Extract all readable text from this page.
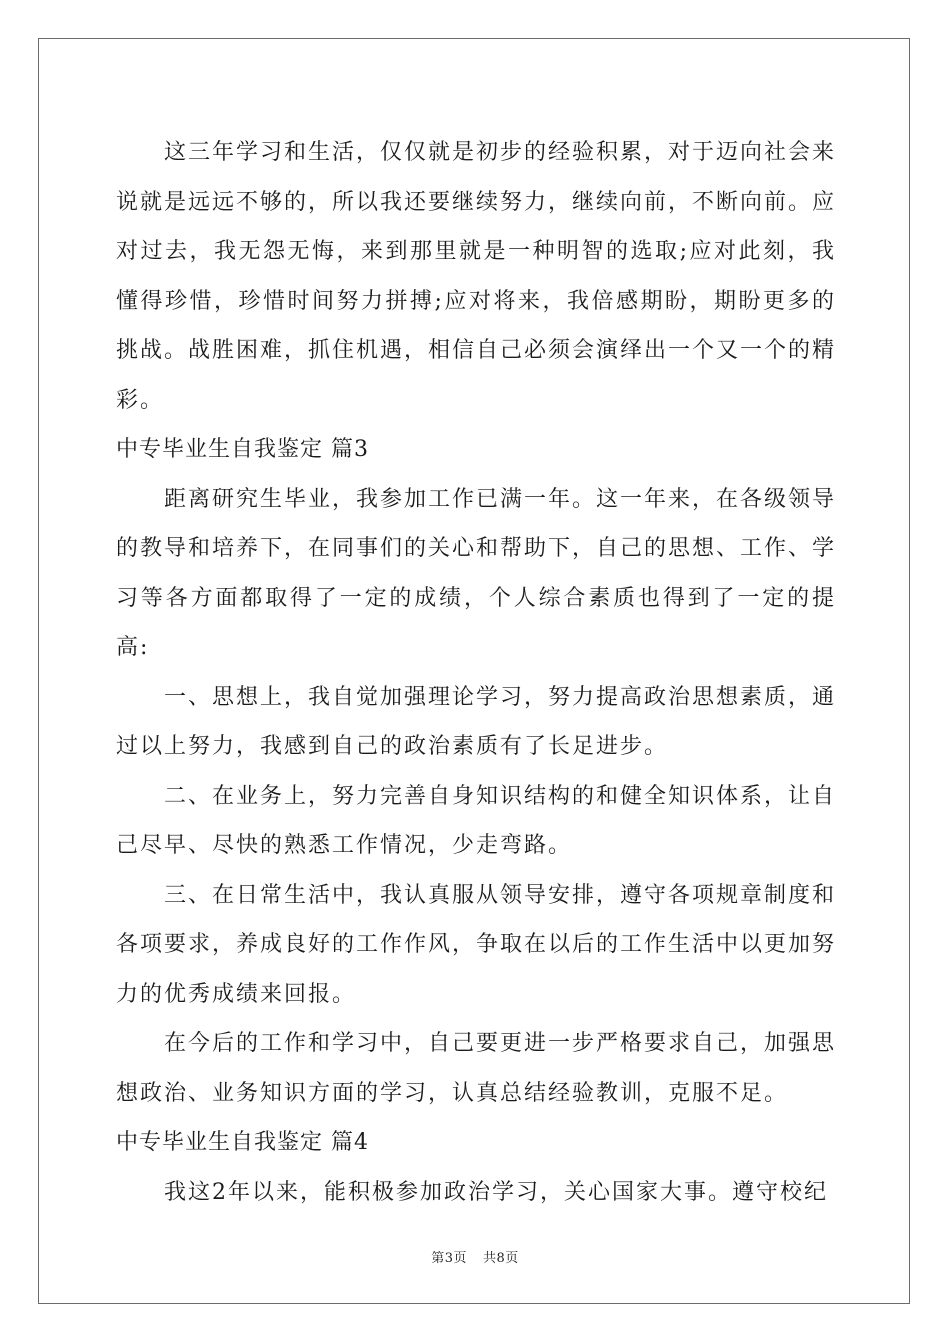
这三年学习和生活，仅仅就是初步的经验积累，对于迈向社会来说就是远远不够的，所以我还要继续努力，继续向前，不断向前。应对过去，我无怨无悔，来到那里就是一种明智的选取;应对此刻，我懂得珍惜，珍惜时间努力拼搏;应对将来，我倍感期盼，期盼更多的挑战。战胜困难，抓住机遇，相信自己必须会演绎出一个又一个的精彩。

中专毕业生自我鉴定 篇3

距离研究生毕业，我参加工作已满一年。这一年来，在各级领导的教导和培养下，在同事们的关心和帮助下，自己的思想、工作、学习等各方面都取得了一定的成绩，个人综合素质也得到了一定的提高:

一、思想上，我自觉加强理论学习，努力提高政治思想素质，通过以上努力，我感到自己的政治素质有了长足进步。

二、在业务上，努力完善自身知识结构的和健全知识体系，让自己尽早、尽快的熟悉工作情况，少走弯路。

三、在日常生活中，我认真服从领导安排，遵守各项规章制度和各项要求，养成良好的工作作风，争取在以后的工作生活中以更加努力的优秀成绩来回报。

在今后的工作和学习中，自己要更进一步严格要求自己，加强思想政治、业务知识方面的学习，认真总结经验教训，克服不足。

中专毕业生自我鉴定 篇4

我这2年以来，能积极参加政治学习，关心国家大事。遵守校纪

第3页 共8页
